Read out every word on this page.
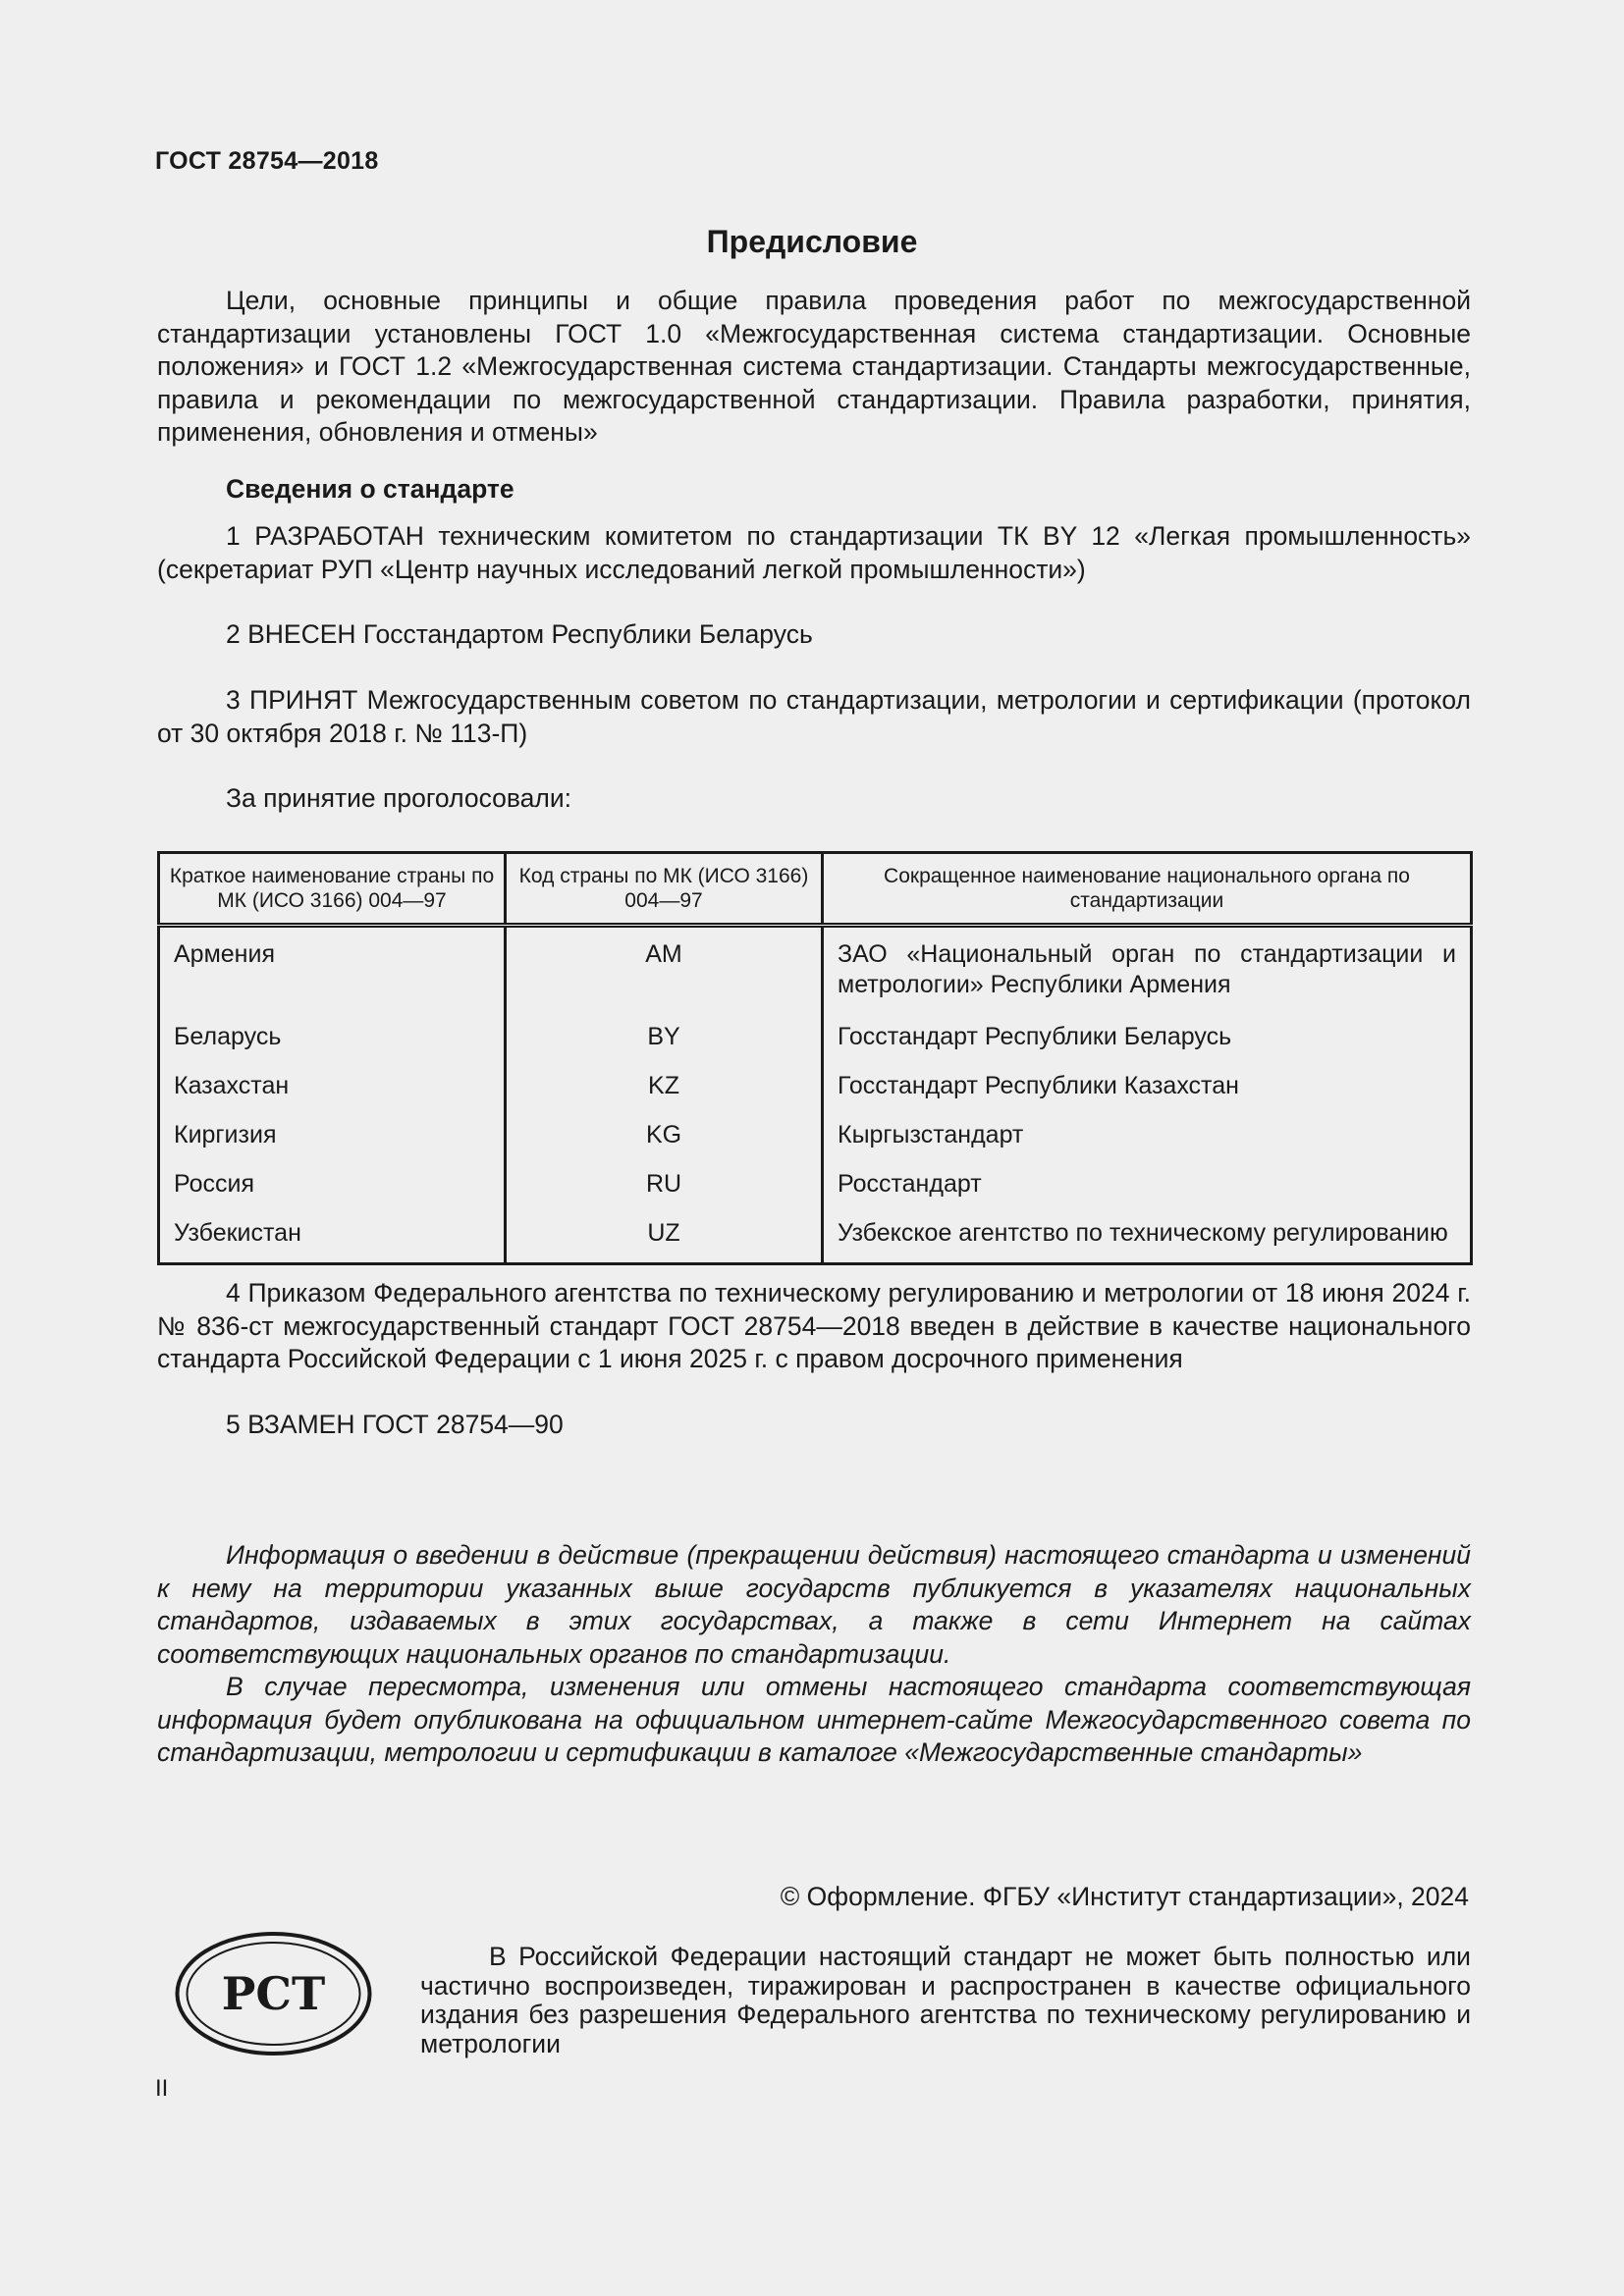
ГОСТ 28754—2018
Предисловие
Цели, основные принципы и общие правила проведения работ по межгосударственной стандартизации установлены ГОСТ 1.0 «Межгосударственная система стандартизации. Основные положения» и ГОСТ 1.2 «Межгосударственная система стандартизации. Стандарты межгосударственные, правила и рекомендации по межгосударственной стандартизации. Правила разработки, принятия, применения, обновления и отмены»
Сведения о стандарте
1 РАЗРАБОТАН техническим комитетом по стандартизации ТК BY 12 «Легкая промышленность» (секретариат РУП «Центр научных исследований легкой промышленности»)
2 ВНЕСЕН Госстандартом Республики Беларусь
3 ПРИНЯТ Межгосударственным советом по стандартизации, метрологии и сертификации (протокол от 30 октября 2018 г. № 113-П)
За принятие проголосовали:
Краткое наименование страны по МК (ИСО 3166) 004—97	Код страны по МК (ИСО 3166) 004—97	Сокращенное наименование национального органа по стандартизации
Армения	AM	ЗАО «Национальный орган по стандартизации и метрологии» Республики Армения
Беларусь	BY	Госстандарт Республики Беларусь
Казахстан	KZ	Госстандарт Республики Казахстан
Киргизия	KG	Кыргызстандарт
Россия	RU	Росстандарт
Узбекистан	UZ	Узбекское агентство по техническому регулированию
4 Приказом Федерального агентства по техническому регулированию и метрологии от 18 июня 2024 г. № 836-ст межгосударственный стандарт ГОСТ 28754—2018 введен в действие в качестве национального стандарта Российской Федерации с 1 июня 2025 г. с правом досрочного применения
5 ВЗАМЕН ГОСТ 28754—90
Информация о введении в действие (прекращении действия) настоящего стандарта и изменений к нему на территории указанных выше государств публикуется в указателях национальных стандартов, издаваемых в этих государствах, а также в сети Интернет на сайтах соответствующих национальных органов по стандартизации.
В случае пересмотра, изменения или отмены настоящего стандарта соответствующая информация будет опубликована на официальном интернет-сайте Межгосударственного совета по стандартизации, метрологии и сертификации в каталоге «Межгосударственные стандарты»
© Оформление. ФГБУ «Институт стандартизации», 2024
РСТ
В Российской Федерации настоящий стандарт не может быть полностью или частично воспроизведен, тиражирован и распространен в качестве официального издания без разрешения Федерального агентства по техническому регулированию и метрологии
II
